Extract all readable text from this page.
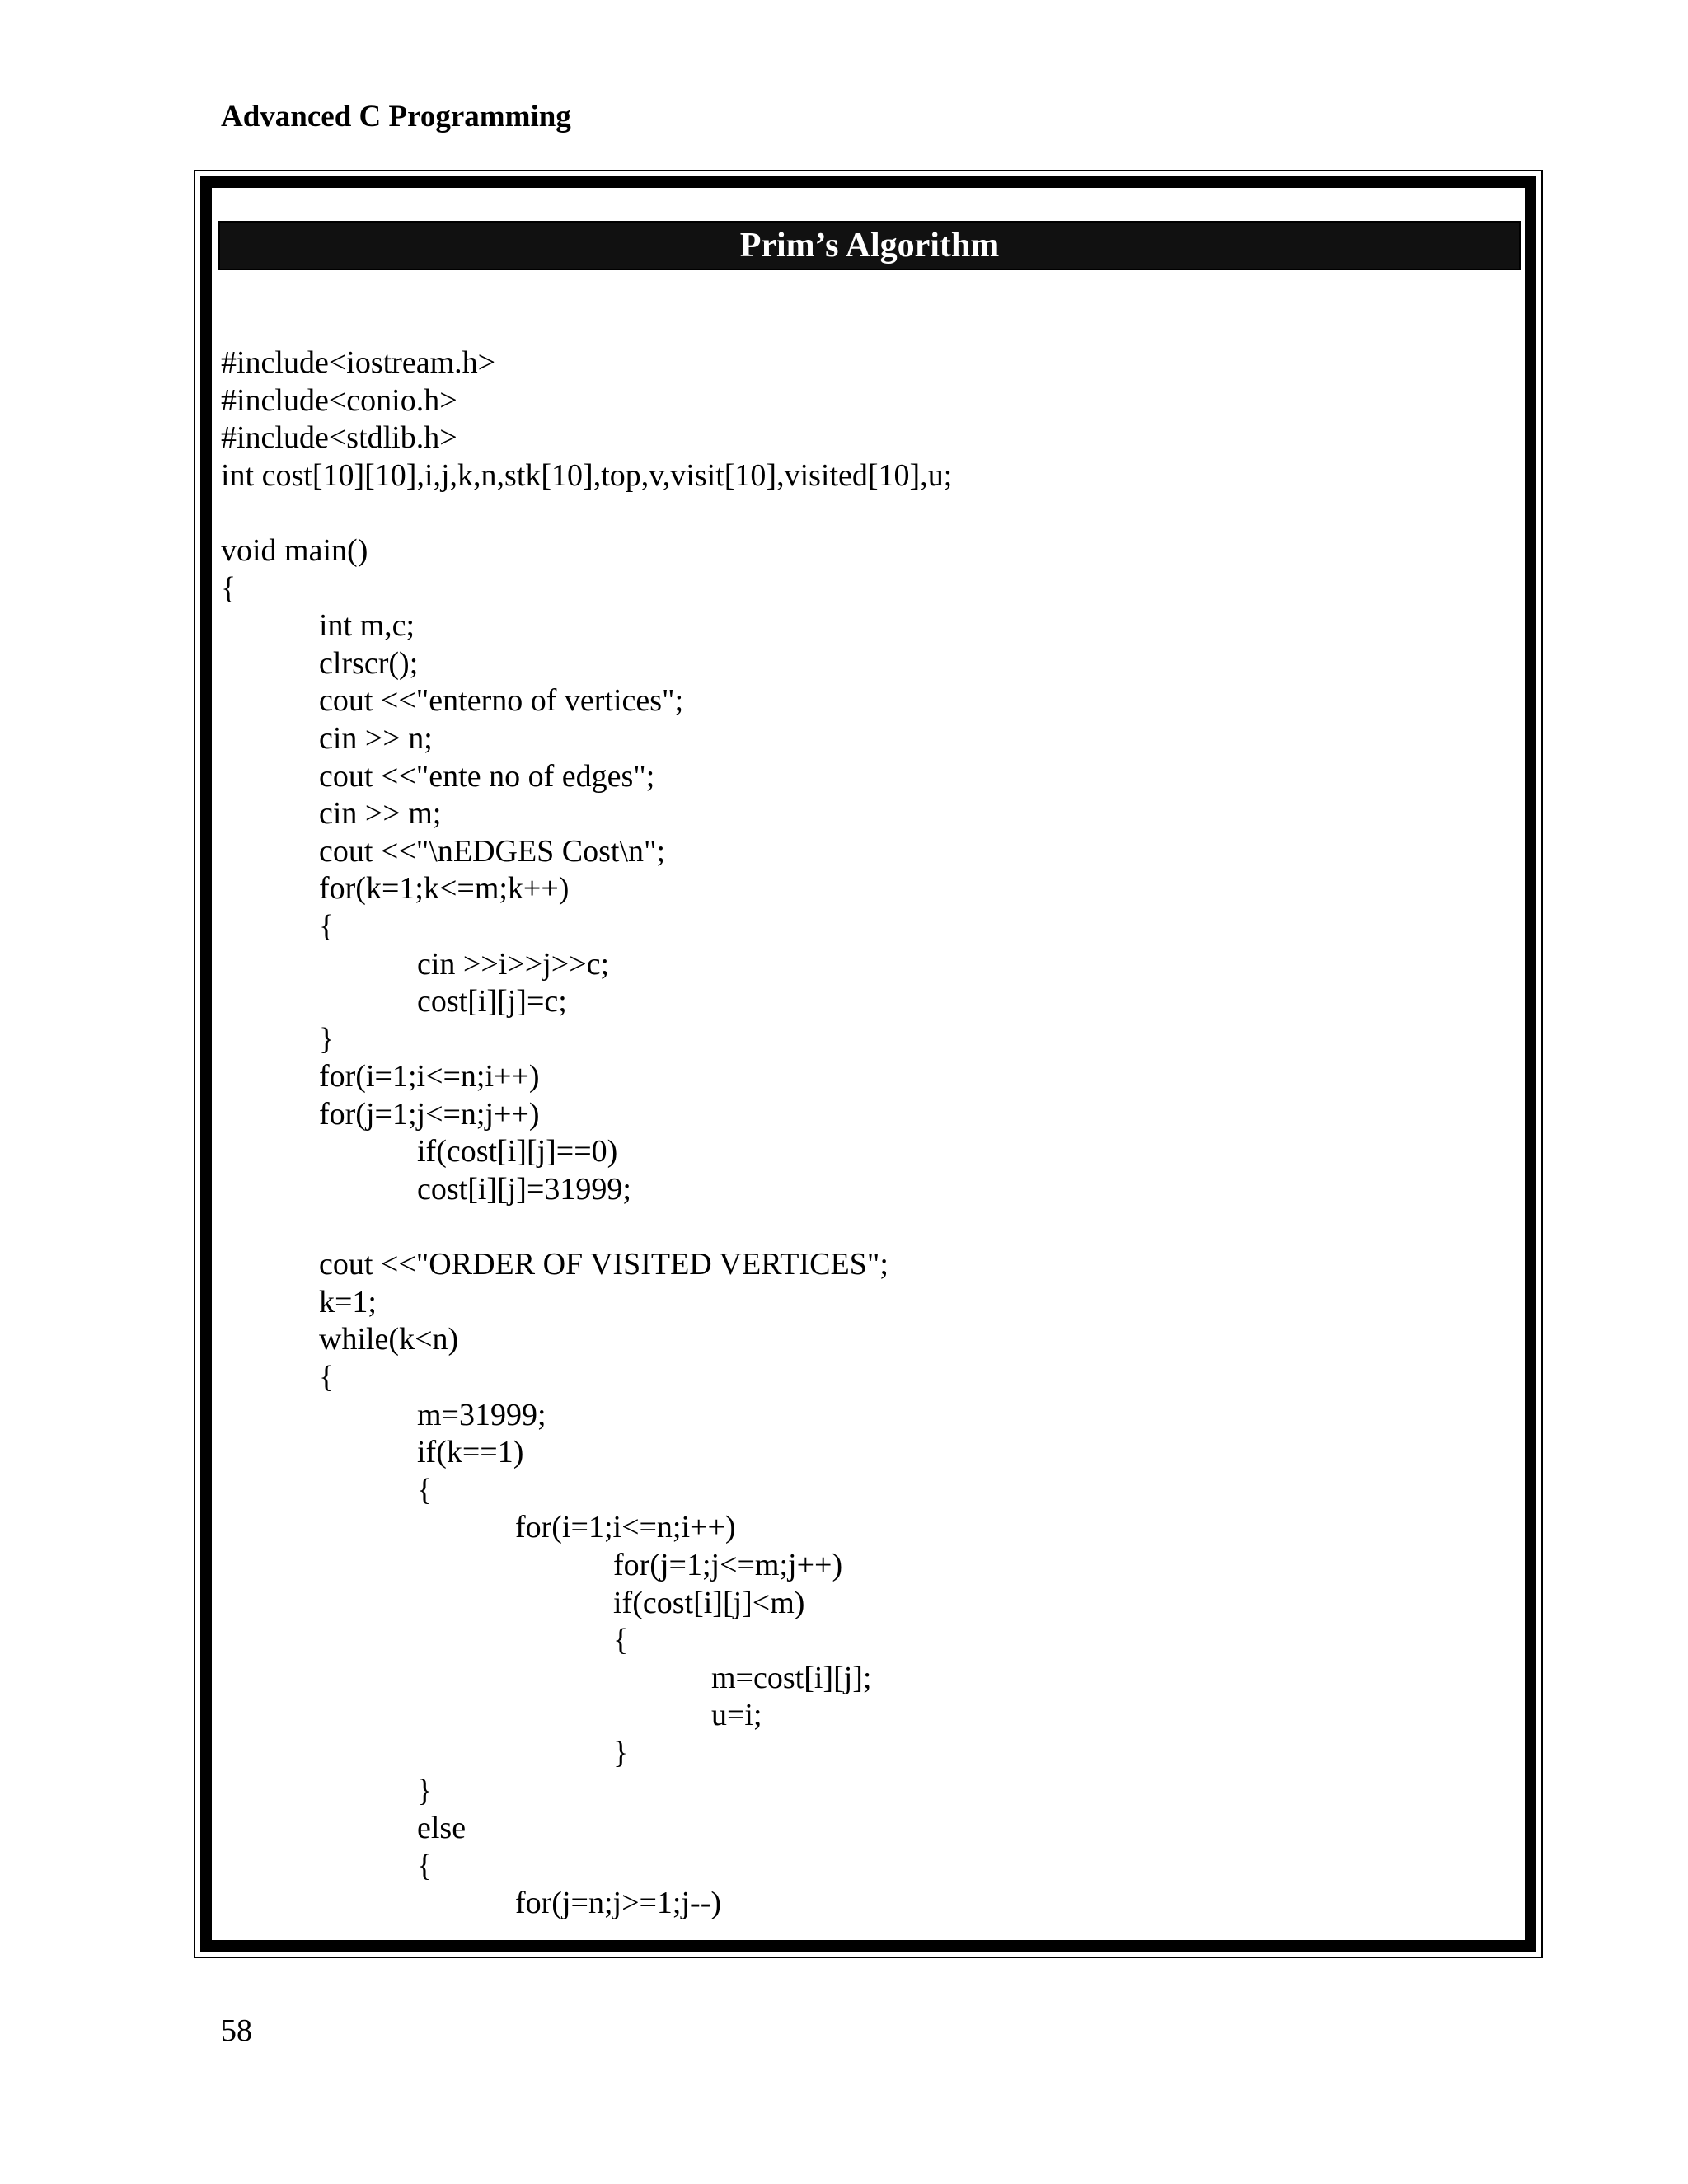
Advanced C Programming
Prim’s Algorithm
#include<iostream.h>
#include<conio.h>
#include<stdlib.h>
int cost[10][10],i,j,k,n,stk[10],top,v,visit[10],visited[10],u;
void main()
{
int m,c;
clrscr();
cout <<"enterno of vertices";
cin >> n;
cout <<"ente no of edges";
cin >> m;
cout <<"\nEDGES Cost\n";
for(k=1;k<=m;k++)
{
cin >>i>>j>>c;
cost[i][j]=c;
}
for(i=1;i<=n;i++)
for(j=1;j<=n;j++)
if(cost[i][j]==0)
cost[i][j]=31999;
cout <<"ORDER OF VISITED VERTICES";
k=1;
while(k<n)
{
m=31999;
if(k==1)
{
for(i=1;i<=n;i++)
for(j=1;j<=m;j++)
if(cost[i][j]<m)
{
m=cost[i][j];
u=i;
}
}
else
{
for(j=n;j>=1;j--)
58
